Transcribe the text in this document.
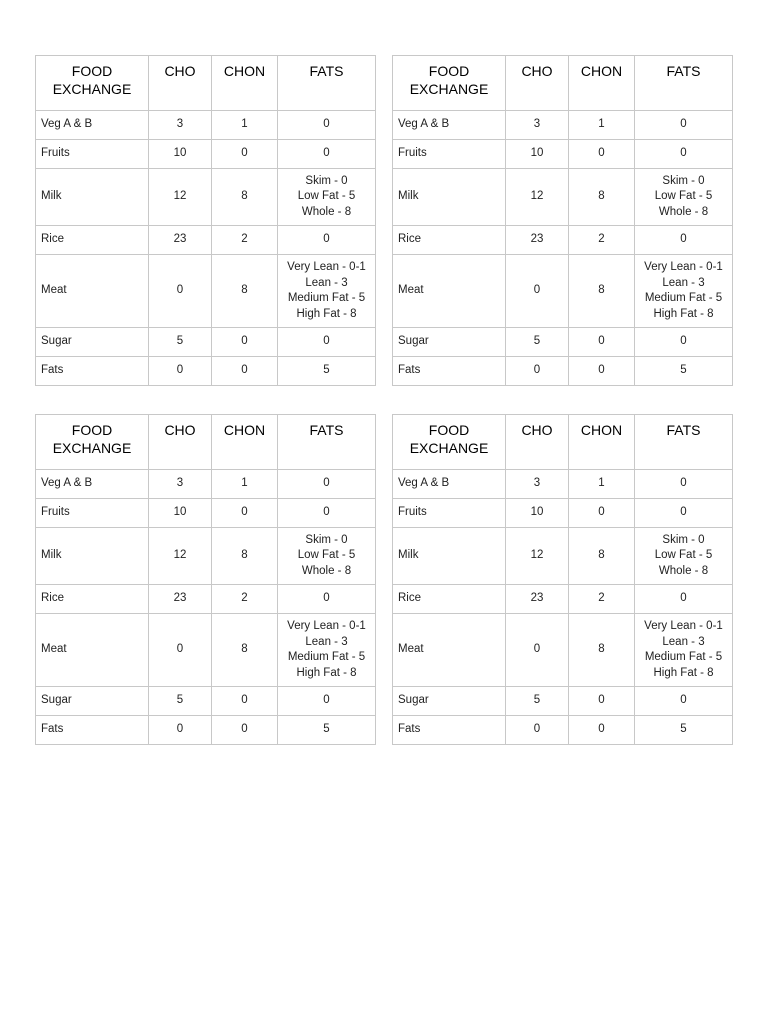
FOOD
EXCHANGE	CHO	CHON	FATS
Veg A & B	3	1	0

Fruits	10	0	0

Milk	12	8	Skim - 0
Low Fat - 5
Whole - 8

Rice	23	2	0

Meat	0	8	Very Lean - 0-1
Lean - 3
Medium Fat - 5
High Fat - 8

Sugar	5	0	0

Fats	0	0	5
FOOD
EXCHANGE	CHO	CHON	FATS
Veg A & B	3	1	0

Fruits	10	0	0

Milk	12	8	Skim - 0
Low Fat - 5
Whole - 8

Rice	23	2	0

Meat	0	8	Very Lean - 0-1
Lean - 3
Medium Fat - 5
High Fat - 8

Sugar	5	0	0

Fats	0	0	5
FOOD
EXCHANGE	CHO	CHON	FATS
Veg A & B	3	1	0

Fruits	10	0	0

Milk	12	8	Skim - 0
Low Fat - 5
Whole - 8

Rice	23	2	0

Meat	0	8	Very Lean - 0-1
Lean - 3
Medium Fat - 5
High Fat - 8

Sugar	5	0	0

Fats	0	0	5
FOOD
EXCHANGE	CHO	CHON	FATS
Veg A & B	3	1	0

Fruits	10	0	0

Milk	12	8	Skim - 0
Low Fat - 5
Whole - 8

Rice	23	2	0

Meat	0	8	Very Lean - 0-1
Lean - 3
Medium Fat - 5
High Fat - 8

Sugar	5	0	0

Fats	0	0	5
